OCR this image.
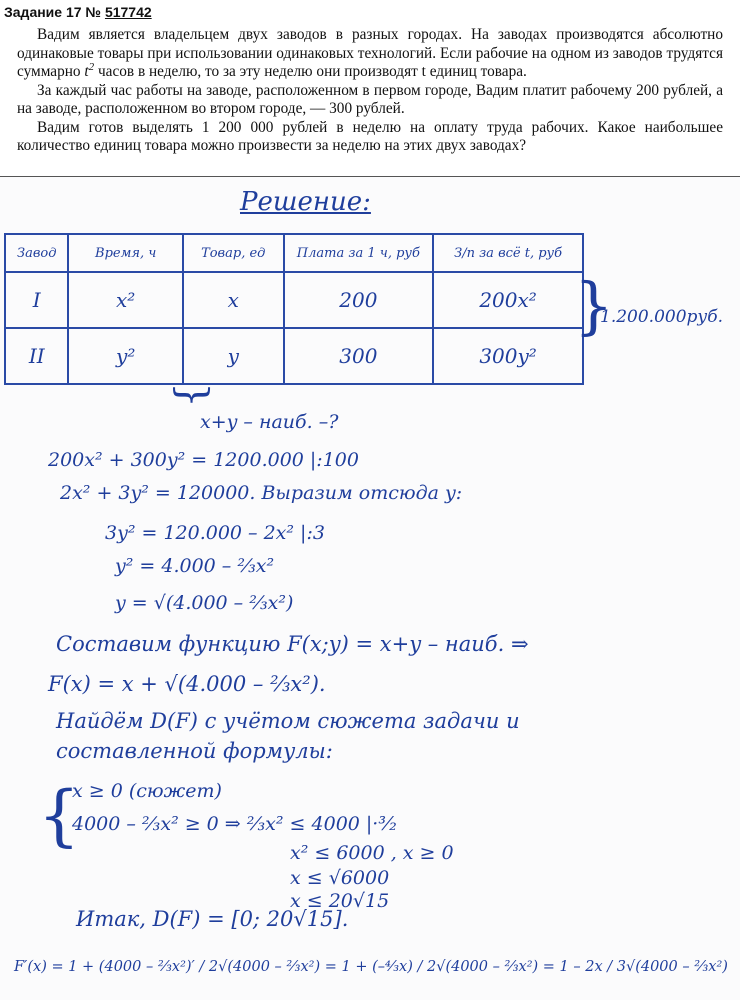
Задание 17 № 517742

Вадим является владельцем двух заводов в разных городах. На заводах производятся абсолютно одинаковые товары при использовании одинаковых технологий. Если рабочие на одном из заводов трудятся суммарно $t^2$ часов в неделю, то за эту неделю они производят t единиц товара.

За каждый час работы на заводе, расположенном в первом городе, Вадим платит рабочему 200 рублей, а на заводе, расположенном во втором городе, — 300 рублей.

Вадим готов выделять 1 200 000 рублей в неделю на оплату труда рабочих. Какое наибольшее количество единиц товара можно произвести за неделю на этих двух заводах?

Решение:
Завод	Время, ч	Товар, ед	Плата за 1 ч, руб	З/п за всё t, руб
I	x²	x	200	200x²
II	y²	y	300	300y²
}
1.200.000руб.
}
x+y – наиб. –?
200x² + 300y² = 1200.000 |:100
2x² + 3y² = 120000. Выразим отсюда y:
3y² = 120.000 – 2x² |:3
y² = 4.000 – ⅔x²
y = √(4.000 – ⅔x²)
Составим функцию F(x;y) = x+y – наиб. ⇒
F(x) = x + √(4.000 – ⅔x²).
Найдём D(F) с учётом сюжета задачи и
составленной формулы:
{
x ≥ 0 (сюжет)
4000 – ⅔x² ≥ 0 ⇒ ⅔x² ≤ 4000 |·³⁄₂
x² ≤ 6000 , x ≥ 0
x ≤ √6000
x ≤ 20√15
Итак, D(F) = [0; 20√15].
F′(x) = 1 + (4000 – ⅔x²)′ / 2√(4000 – ⅔x²) = 1 + (–⁴⁄₃x) / 2√(4000 – ⅔x²) = 1 – 2x / 3√(4000 – ⅔x²)
